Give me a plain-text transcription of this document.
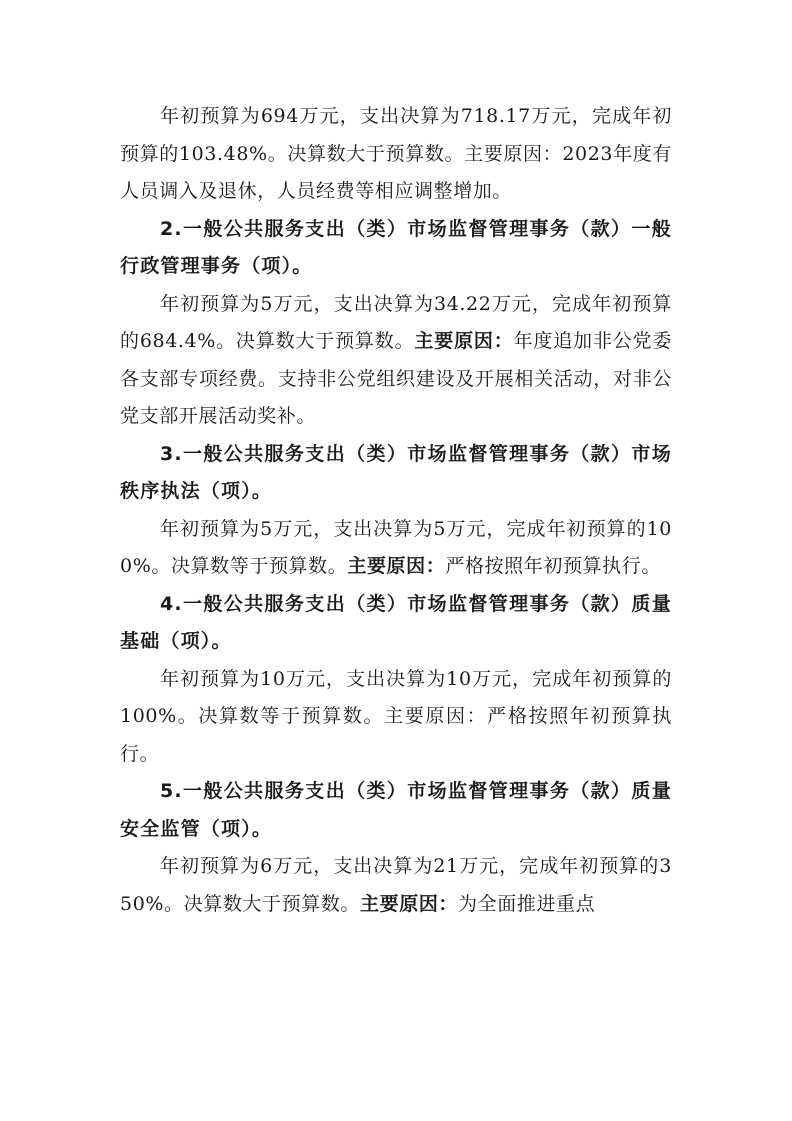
年初预算为694万元，支出决算为718.17万元，完成年初预算的103.48%。决算数大于预算数。主要原因：2023年度有人员调入及退休，人员经费等相应调整增加。

2.一般公共服务支出（类）市场监督管理事务（款）一般行政管理事务（项）。

年初预算为5万元，支出决算为34.22万元，完成年初预算的684.4%。决算数大于预算数。主要原因：年度追加非公党委各支部专项经费。支持非公党组织建设及开展相关活动，对非公党支部开展活动奖补。

3.一般公共服务支出（类）市场监督管理事务（款）市场秩序执法（项）。

年初预算为5万元，支出决算为5万元，完成年初预算的100%。决算数等于预算数。主要原因：严格按照年初预算执行。

4.一般公共服务支出（类）市场监督管理事务（款）质量基础（项）。

年初预算为10万元，支出决算为10万元，完成年初预算的100%。决算数等于预算数。主要原因：严格按照年初预算执行。

5.一般公共服务支出（类）市场监督管理事务（款）质量安全监管（项）。

年初预算为6万元，支出决算为21万元，完成年初预算的350%。决算数大于预算数。主要原因：为全面推进重点
